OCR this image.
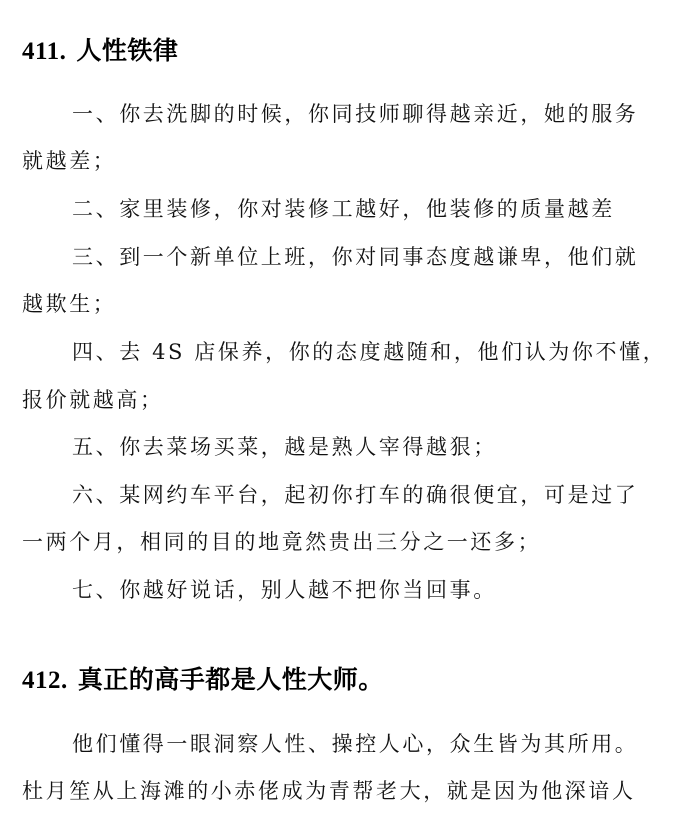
411. 人性铁律
一、你去洗脚的时候，你同技师聊得越亲近，她的服务
就越差；
二、家里装修，你对装修工越好，他装修的质量越差
三、到一个新单位上班，你对同事态度越谦卑，他们就
越欺生；
四、去 4S 店保养，你的态度越随和，他们认为你不懂，
报价就越高；
五、你去菜场买菜，越是熟人宰得越狠；
六、某网约车平台，起初你打车的确很便宜，可是过了
一两个月，相同的目的地竟然贵出三分之一还多；
七、你越好说话，别人越不把你当回事。
412. 真正的高手都是人性大师。
他们懂得一眼洞察人性、操控人心，众生皆为其所用。
杜月笙从上海滩的小赤佬成为青帮老大，就是因为他深谙人
